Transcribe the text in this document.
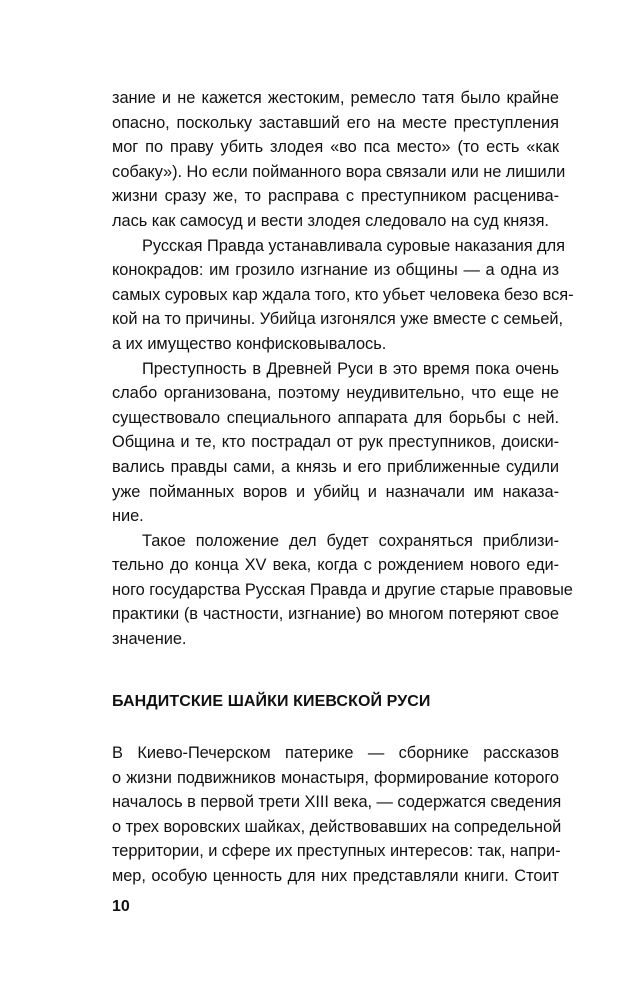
зание и не кажется жестоким, ремесло татя было крайне
опасно, поскольку заставший его на месте преступления
мог по праву убить злодея «во пса место» (то есть «как
собаку»). Но если пойманного вора связали или не лишили
жизни сразу же, то расправа с преступником расценива-
лась как самосуд и вести злодея следовало на суд князя.

Русская Правда устанавливала суровые наказания для
конокрадов: им грозило изгнание из общины — а одна из
самых суровых кар ждала того, кто убьет человека безо вся-
кой на то причины. Убийца изгонялся уже вместе с семьей,
а их имущество конфисковывалось.

Преступность в Древней Руси в это время пока очень
слабо организована, поэтому неудивительно, что еще не
существовало специального аппарата для борьбы с ней.
Община и те, кто пострадал от рук преступников, доиски-
вались правды сами, а князь и его приближенные судили
уже пойманных воров и убийц и назначали им наказа-
ние.

Такое положение дел будет сохраняться приблизи-
тельно до конца XV века, когда с рождением нового еди-
ного государства Русская Правда и другие старые правовые
практики (в частности, изгнание) во многом потеряют свое
значение.

БАНДИТСКИЕ ШАЙКИ КИЕВСКОЙ РУСИ

В Киево-Печерском патерике — сборнике рассказов
о жизни подвижников монастыря, формирование которого
началось в первой трети XIII века, — содержатся сведения
о трех воровских шайках, действовавших на сопредельной
территории, и сфере их преступных интересов: так, напри-
мер, особую ценность для них представляли книги. Стоит

10
